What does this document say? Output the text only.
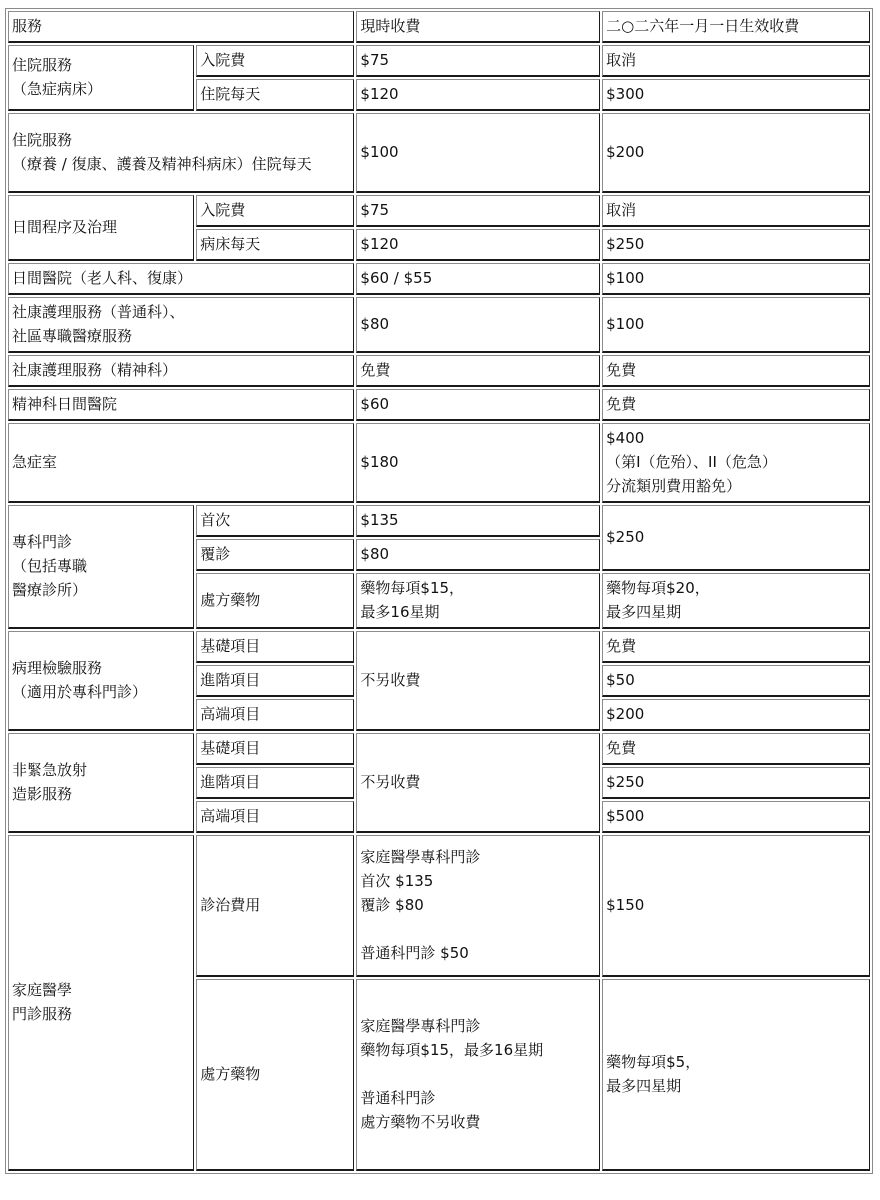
服務		現時收費	二○二六年一月一日生效收費

住院服務
（急症病床）	入院費	$75	取消

	住院每天	$120	$300

住院服務
（療養 / 復康、護養及精神科病床）住院每天		$100	$200

日間程序及治理	入院費	$75	取消

	病床每天	$120	$250

日間醫院（老人科、復康）		$60 / $55	$100

社康護理服務（普通科）、
社區專職醫療服務		$80	$100

社康護理服務（精神科）		免費	免費

精神科日間醫院		$60	免費

急症室		$180	$400
（第I（危殆）、II（危急）
分流類別費用豁免）

專科門診
（包括專職
醫療診所）	首次	$135	$250

	覆診	$80	

	處方藥物	藥物每項$15，
最多16星期	藥物每項$20，
最多四星期

病理檢驗服務
（適用於專科門診）	基礎項目	不另收費	免費

	進階項目		$50

	高端項目		$200

非緊急放射
造影服務	基礎項目	不另收費	免費

	進階項目		$250

	高端項目		$500

家庭醫學
門診服務	診治費用	家庭醫學專科門診
首次 $135
覆診 $80
普通科門診 $50	$150

	處方藥物	家庭醫學專科門診
藥物每項$15，最多16星期
普通科門診
處方藥物不另收費	藥物每項$5，
最多四星期
